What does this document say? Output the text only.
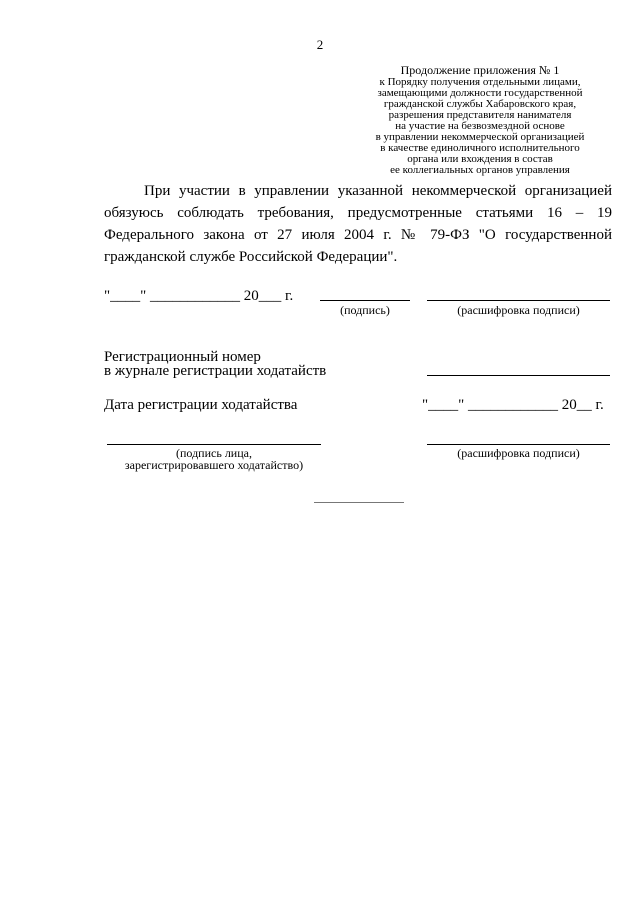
2
Продолжение приложения № 1
к Порядку получения отдельными лицами,
замещающими должности государственной
гражданской службы Хабаровского края,
разрешения представителя нанимателя
на участие на безвозмездной основе
в управлении некоммерческой организацией
в качестве единоличного исполнительного
органа или вхождения в состав
ее коллегиальных органов управления
При участии в управлении указанной некоммерческой организацией обязуюсь соблюдать требования, предусмотренные статьями 16 – 19 Федерального закона от 27 июля 2004 г. № 79-ФЗ "О государственной гражданской службе Российской Федерации".
"____" ____________ 20___ г.
(подпись)	(расшифровка подписи)
Регистрационный номер
в журнале регистрации ходатайств
Дата регистрации ходатайства	"____" ____________ 20__ г.
(подпись лица,
зарегистрировавшего ходатайство)
(расшифровка подписи)
